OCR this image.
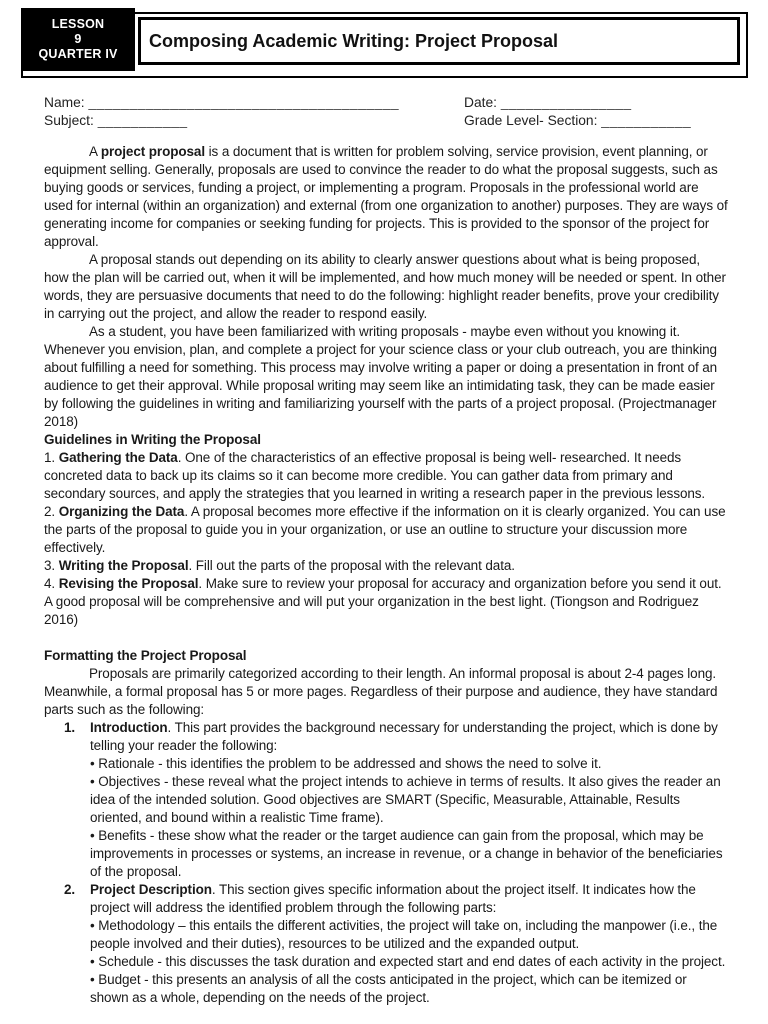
LESSON
9
QUARTER IV
Composing Academic Writing: Project Proposal
Name: ______________________________________	Date: ________________
Subject: ___________	Grade Level- Section: ___________
A project proposal is a document that is written for problem solving, service provision, event planning, or equipment selling. Generally, proposals are used to convince the reader to do what the proposal suggests, such as buying goods or services, funding a project, or implementing a program. Proposals in the professional world are used for internal (within an organization) and external (from one organization to another) purposes. They are ways of generating income for companies or seeking funding for projects. This is provided to the sponsor of the project for approval.
A proposal stands out depending on its ability to clearly answer questions about what is being proposed, how the plan will be carried out, when it will be implemented, and how much money will be needed or spent. In other words, they are persuasive documents that need to do the following: highlight reader benefits, prove your credibility in carrying out the project, and allow the reader to respond easily.
As a student, you have been familiarized with writing proposals - maybe even without you knowing it. Whenever you envision, plan, and complete a project for your science class or your club outreach, you are thinking about fulfilling a need for something. This process may involve writing a paper or doing a presentation in front of an audience to get their approval. While proposal writing may seem like an intimidating task, they can be made easier by following the guidelines in writing and familiarizing yourself with the parts of a project proposal. (Projectmanager 2018)
Guidelines in Writing the Proposal
1. Gathering the Data. One of the characteristics of an effective proposal is being well- researched. It needs concreted data to back up its claims so it can become more credible. You can gather data from primary and secondary sources, and apply the strategies that you learned in writing a research paper in the previous lessons.
2. Organizing the Data. A proposal becomes more effective if the information on it is clearly organized. You can use the parts of the proposal to guide you in your organization, or use an outline to structure your discussion more effectively.
3. Writing the Proposal. Fill out the parts of the proposal with the relevant data.
4. Revising the Proposal. Make sure to review your proposal for accuracy and organization before you send it out. A good proposal will be comprehensive and will put your organization in the best light. (Tiongson and Rodriguez 2016)
Formatting the Project Proposal
Proposals are primarily categorized according to their length. An informal proposal is about 2-4 pages long. Meanwhile, a formal proposal has 5 or more pages. Regardless of their purpose and audience, they have standard parts such as the following:
1.	Introduction. This part provides the background necessary for understanding the project, which is done by telling your reader the following:
• Rationale - this identifies the problem to be addressed and shows the need to solve it.
• Objectives - these reveal what the project intends to achieve in terms of results. It also gives the reader an idea of the intended solution. Good objectives are SMART (Specific, Measurable, Attainable, Results oriented, and bound within a realistic Time frame).
• Benefits - these show what the reader or the target audience can gain from the proposal, which may be improvements in processes or systems, an increase in revenue, or a change in behavior of the beneficiaries of the proposal.
2.	Project Description. This section gives specific information about the project itself. It indicates how the project will address the identified problem through the following parts:
• Methodology – this entails the different activities, the project will take on, including the manpower (i.e., the people involved and their duties), resources to be utilized and the expanded output.
• Schedule - this discusses the task duration and expected start and end dates of each activity in the project.
• Budget - this presents an analysis of all the costs anticipated in the project, which can be itemized or shown as a whole, depending on the needs of the project.
